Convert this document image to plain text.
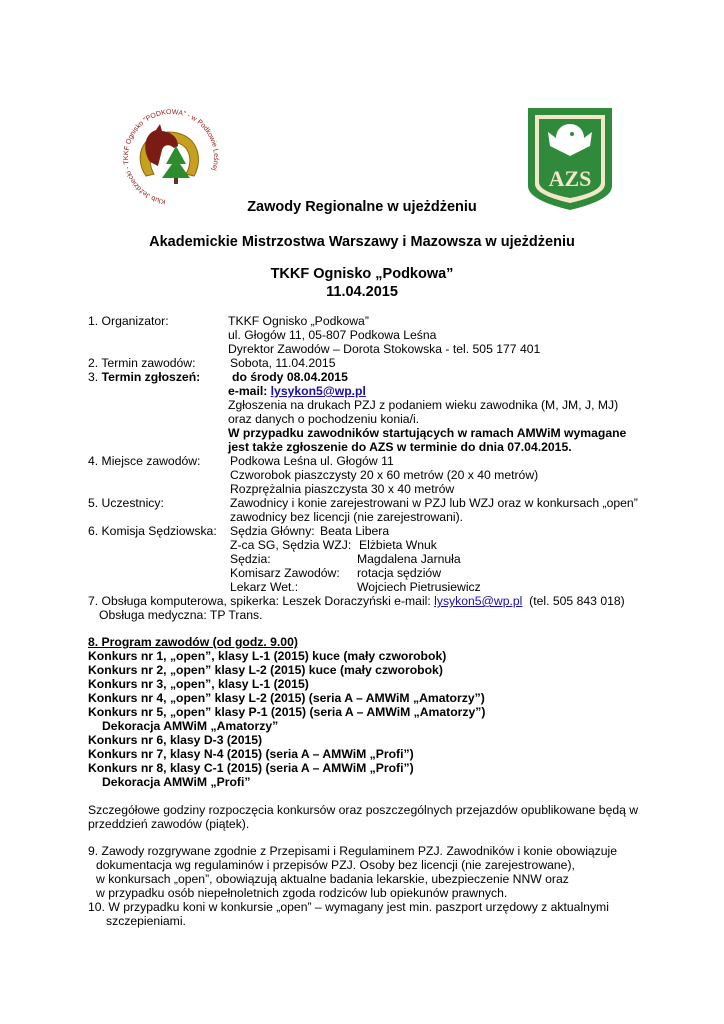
Klub Jeździecki - TKKF Ognisko "PODKOWA" - w Podkowie Leśnej	AZS
Zawody Regionalne w ujeżdżeniu
Akademickie Mistrzostwa Warszawy i Mazowsza w ujeżdżeniu
TKKF Ognisko „Podkowa”
11.04.2015
1. Organizator:	TKKF Ognisko „Podkowa”
ul. Głogów 11, 05-807 Podkowa Leśna
Dyrektor Zawodów – Dorota Stokowska - tel. 505 177 401
2. Termin zawodów:	Sobota, 11.04.2015
3. Termin zgłoszeń:	do środy 08.04.2015
e-mail: lysykon5@wp.pl
Zgłoszenia na drukach PZJ z podaniem wieku zawodnika (M, JM, J, MJ)
oraz danych o pochodzeniu konia/i.
W przypadku zawodników startujących w ramach AMWiM wymagane
jest także zgłoszenie do AZS w terminie do dnia 07.04.2015.
4. Miejsce zawodów: Podkowa Leśna ul. Głogów 11
Czworobok piaszczysty 20 x 60 metrów (20 x 40 metrów)
Rozprężalnia piaszczysta 30 x 40 metrów
5. Uczestnicy:	Zawodnicy i konie zarejestrowani w PZJ lub WZJ oraz w konkursach „open”
zawodnicy bez licencji (nie zarejestrowani).
6. Komisja Sędziowska: Sędzia Główny: Beata Libera
Z-ca SG, Sędzia WZJ: Elżbieta Wnuk
Sędzia:	Magdalena Jarnuła
Komisarz Zawodów: rotacja sędziów
Lekarz Wet.:	Wojciech Pietrusiewicz
7. Obsługa komputerowa, spikerka: Leszek Doraczyński e-mail: lysykon5@wp.pl (tel. 505 843 018)
Obsługa medyczna: TP Trans.
8. Program zawodów (od godz. 9.00)
Konkurs nr 1, „open”, klasy L-1 (2015) kuce (mały czworobok)
Konkurs nr 2, „open” klasy L-2 (2015) kuce (mały czworobok)
Konkurs nr 3, „open”, klasy L-1 (2015)
Konkurs nr 4, „open” klasy L-2 (2015) (seria A – AMWiM „Amatorzy”)
Konkurs nr 5, „open” klasy P-1 (2015) (seria A – AMWiM „Amatorzy”)
Dekoracja AMWiM „Amatorzy”
Konkurs nr 6, klasy D-3 (2015)
Konkurs nr 7, klasy N-4 (2015) (seria A – AMWiM „Profi”)
Konkurs nr 8, klasy C-1 (2015) (seria A – AMWiM „Profi”)
Dekoracja AMWiM „Profi”
Szczegółowe godziny rozpoczęcia konkursów oraz poszczególnych przejazdów opublikowane będą w
przeddzień zawodów (piątek).
9. Zawody rozgrywane zgodnie z Przepisami i Regulaminem PZJ. Zawodników i konie obowiązuje
dokumentacja wg regulaminów i przepisów PZJ. Osoby bez licencji (nie zarejestrowane),
w konkursach „open”, obowiązują aktualne badania lekarskie, ubezpieczenie NNW oraz
w przypadku osób niepełnoletnich zgoda rodziców lub opiekunów prawnych.
10. W przypadku koni w konkursie „open” – wymagany jest min. paszport urzędowy z aktualnymi
szczepieniami.
